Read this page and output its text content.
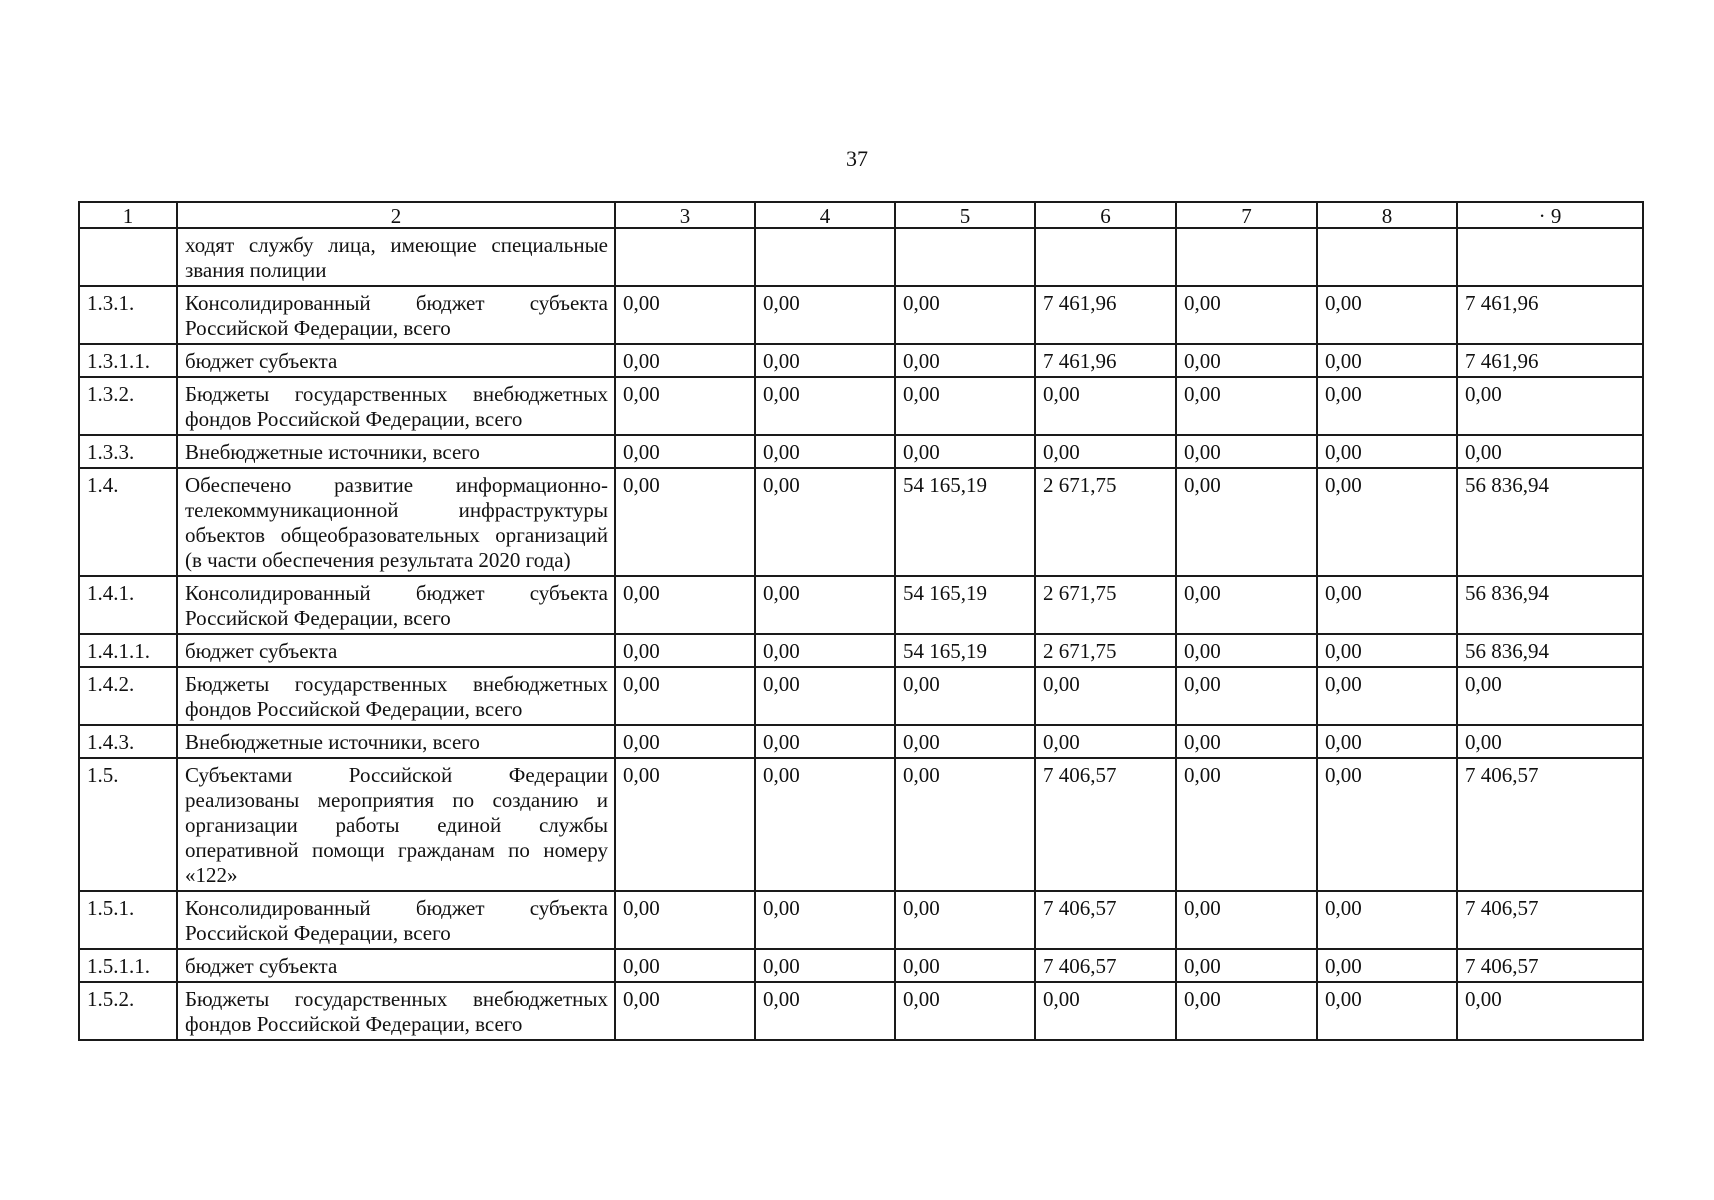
37
1	2	3	4	5	6	7	8	· 9
	ходят службу лица, имеющие специальные звания полиции							
1.3.1.	Консолидированный бюджет субъекта Российской Федерации, всего	0,00	0,00	0,00	7 461,96	0,00	0,00	7 461,96
1.3.1.1.	бюджет субъекта	0,00	0,00	0,00	7 461,96	0,00	0,00	7 461,96
1.3.2.	Бюджеты государственных внебюджетных фондов Российской Федерации, всего	0,00	0,00	0,00	0,00	0,00	0,00	0,00
1.3.3.	Внебюджетные источники, всего	0,00	0,00	0,00	0,00	0,00	0,00	0,00
1.4.	Обеспечено развитие информационно-телекоммуникационной инфраструктуры объектов общеобразовательных организаций (в части обеспечения результата 2020 года)	0,00	0,00	54 165,19	2 671,75	0,00	0,00	56 836,94
1.4.1.	Консолидированный бюджет субъекта Российской Федерации, всего	0,00	0,00	54 165,19	2 671,75	0,00	0,00	56 836,94
1.4.1.1.	бюджет субъекта	0,00	0,00	54 165,19	2 671,75	0,00	0,00	56 836,94
1.4.2.	Бюджеты государственных внебюджетных фондов Российской Федерации, всего	0,00	0,00	0,00	0,00	0,00	0,00	0,00
1.4.3.	Внебюджетные источники, всего	0,00	0,00	0,00	0,00	0,00	0,00	0,00
1.5.	Субъектами Российской Федерации реализованы мероприятия по созданию и организации работы единой службы оперативной помощи гражданам по номеру «122»	0,00	0,00	0,00	7 406,57	0,00	0,00	7 406,57
1.5.1.	Консолидированный бюджет субъекта Российской Федерации, всего	0,00	0,00	0,00	7 406,57	0,00	0,00	7 406,57
1.5.1.1.	бюджет субъекта	0,00	0,00	0,00	7 406,57	0,00	0,00	7 406,57
1.5.2.	Бюджеты государственных внебюджетных фондов Российской Федерации, всего	0,00	0,00	0,00	0,00	0,00	0,00	0,00
